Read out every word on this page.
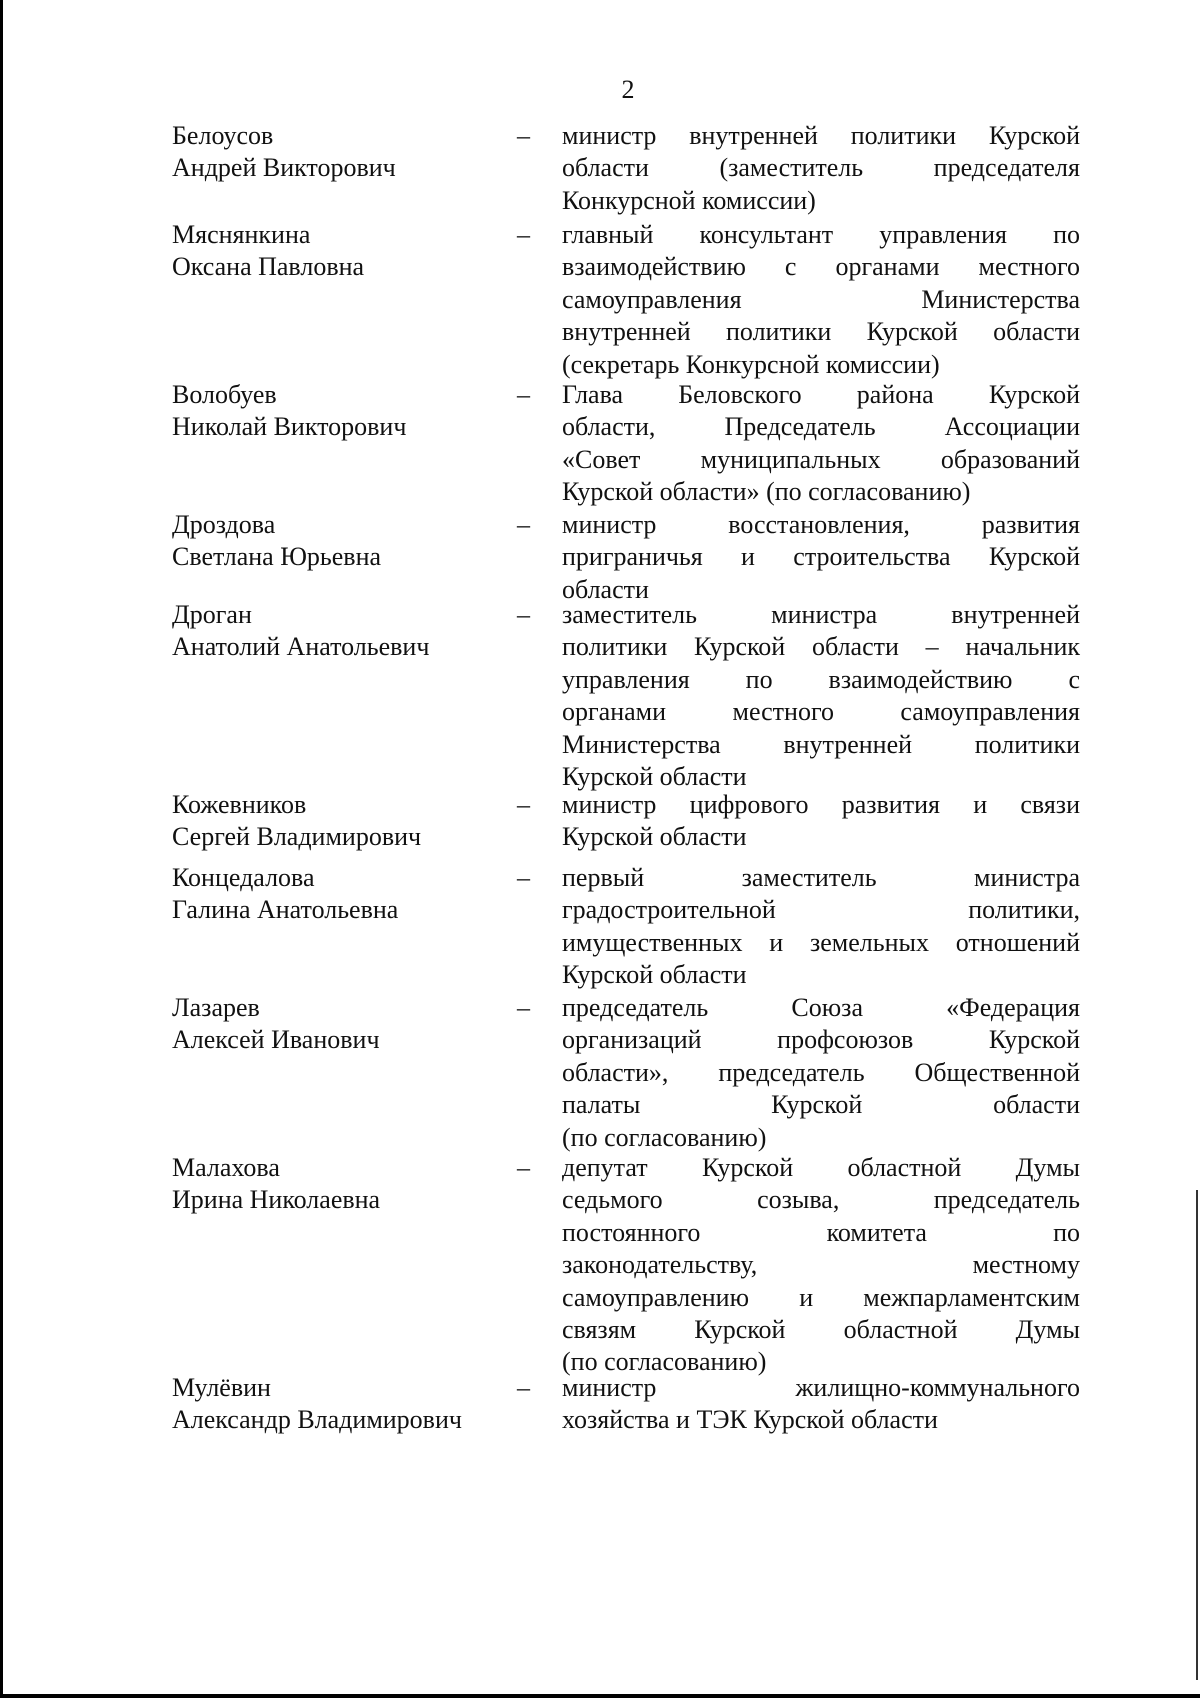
2
Белоусов
Андрей Викторович
–	министр внутренней политики Курской
области (заместитель председателя
Конкурсной комиссии)
Мяснянкина
Оксана Павловна
–	главный консультант управления по
взаимодействию с органами местного
самоуправления Министерства
внутренней политики Курской области
(секретарь Конкурсной комиссии)
Волобуев
Николай Викторович
–	Глава Беловского района Курской
области, Председатель Ассоциации
«Совет муниципальных образований
Курской области» (по согласованию)
Дроздова
Светлана Юрьевна
–	министр восстановления, развития
приграничья и строительства Курской
области
Дроган
Анатолий Анатольевич
–	заместитель министра внутренней
политики Курской области – начальник
управления по взаимодействию с
органами местного самоуправления
Министерства внутренней политики
Курской области
Кожевников
Сергей Владимирович
–	министр цифрового развития и связи
Курской области
Концедалова
Галина Анатольевна
–	первый заместитель министра
градостроительной политики,
имущественных и земельных отношений
Курской области
Лазарев
Алексей Иванович
–	председатель Союза «Федерация
организаций профсоюзов Курской
области», председатель Общественной
палаты Курской области
(по согласованию)
Малахова
Ирина Николаевна
–	депутат Курской областной Думы
седьмого созыва, председатель
постоянного комитета по
законодательству, местному
самоуправлению и межпарламентским
связям Курской областной Думы
(по согласованию)
Мулёвин
Александр Владимирович
–	министр жилищно-коммунального
хозяйства и ТЭК Курской области
